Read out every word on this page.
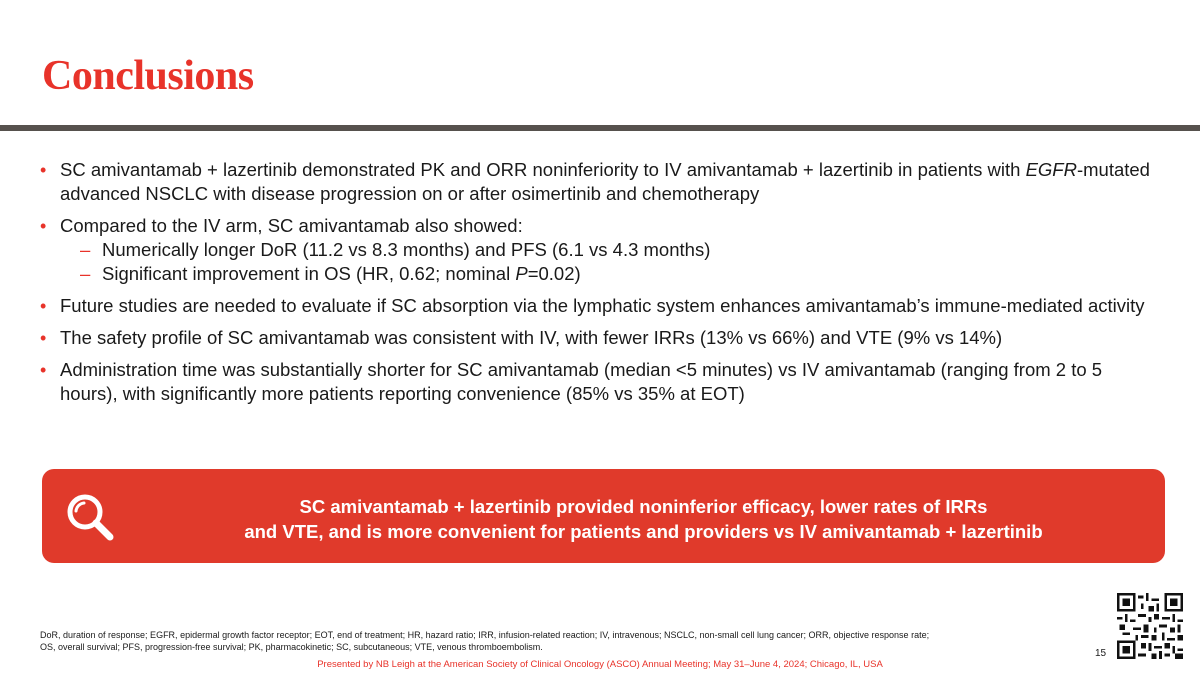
Conclusions
• SC amivantamab + lazertinib demonstrated PK and ORR noninferiority to IV amivantamab + lazertinib in patients with EGFR-mutated advanced NSCLC with disease progression on or after osimertinib and chemotherapy
• Compared to the IV arm, SC amivantamab also showed:
– Numerically longer DoR (11.2 vs 8.3 months) and PFS (6.1 vs 4.3 months)
– Significant improvement in OS (HR, 0.62; nominal P=0.02)
• Future studies are needed to evaluate if SC absorption via the lymphatic system enhances amivantamab’s immune-mediated activity
• The safety profile of SC amivantamab was consistent with IV, with fewer IRRs (13% vs 66%) and VTE (9% vs 14%)
• Administration time was substantially shorter for SC amivantamab (median <5 minutes) vs IV amivantamab (ranging from 2 to 5 hours), with significantly more patients reporting convenience (85% vs 35% at EOT)
SC amivantamab + lazertinib provided noninferior efficacy, lower rates of IRRs
and VTE, and is more convenient for patients and providers vs IV amivantamab + lazertinib
DoR, duration of response; EGFR, epidermal growth factor receptor; EOT, end of treatment; HR, hazard ratio; IRR, infusion-related reaction; IV, intravenous; NSCLC, non-small cell lung cancer; ORR, objective response rate;
OS, overall survival; PFS, progression-free survival; PK, pharmacokinetic; SC, subcutaneous; VTE, venous thromboembolism.
15
Presented by NB Leigh at the American Society of Clinical Oncology (ASCO) Annual Meeting; May 31–June 4, 2024; Chicago, IL, USA
